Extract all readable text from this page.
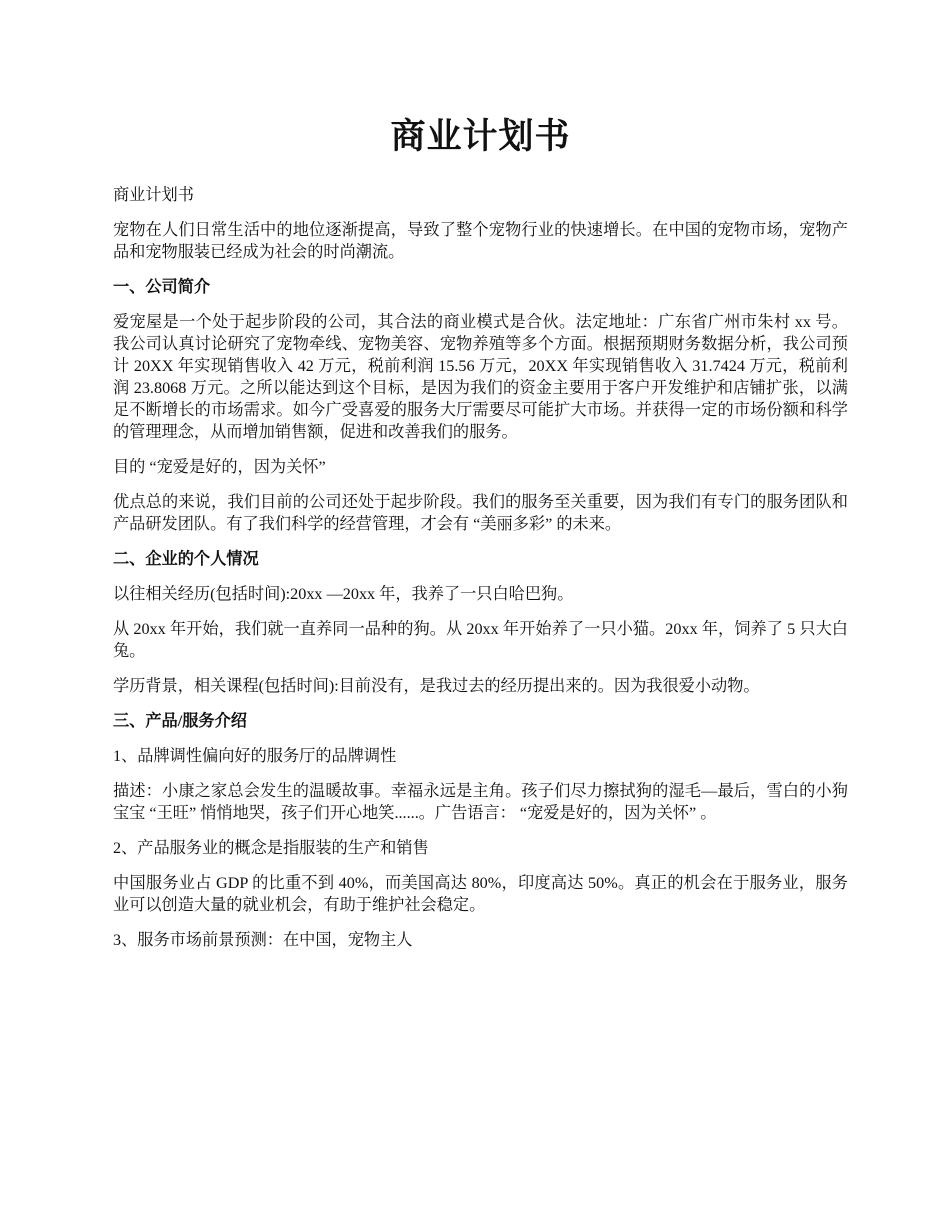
商业计划书

商业计划书

宠物在人们日常生活中的地位逐渐提高，导致了整个宠物行业的快速增长。在中国的宠物市场，宠物产品和宠物服装已经成为社会的时尚潮流。

一、公司简介

爱宠屋是一个处于起步阶段的公司，其合法的商业模式是合伙。法定地址：广东省广州市朱村 xx 号。我公司认真讨论研究了宠物牵线、宠物美容、宠物养殖等多个方面。根据预期财务数据分析，我公司预计 20XX 年实现销售收入 42 万元，税前利润 15.56 万元，20XX 年实现销售收入 31.7424 万元，税前利润 23.8068 万元。之所以能达到这个目标，是因为我们的资金主要用于客户开发维护和店铺扩张，以满足不断增长的市场需求。如今广受喜爱的服务大厅需要尽可能扩大市场。并获得一定的市场份额和科学的管理理念，从而增加销售额，促进和改善我们的服务。

目的 “宠爱是好的，因为关怀”

优点总的来说，我们目前的公司还处于起步阶段。我们的服务至关重要，因为我们有专门的服务团队和产品研发团队。有了我们科学的经营管理，才会有 “美丽多彩” 的未来。

二、企业的个人情况

以往相关经历(包括时间):20xx —20xx 年，我养了一只白哈巴狗。

从 20xx 年开始，我们就一直养同一品种的狗。从 20xx 年开始养了一只小猫。20xx 年，饲养了 5 只大白兔。

学历背景，相关课程(包括时间):目前没有，是我过去的经历提出来的。因为我很爱小动物。

三、产品/服务介绍

1、品牌调性偏向好的服务厅的品牌调性

描述：小康之家总会发生的温暖故事。幸福永远是主角。孩子们尽力擦拭狗的湿毛—最后，雪白的小狗宝宝 “王旺” 悄悄地哭，孩子们开心地笑......。广告语言： “宠爱是好的，因为关怀” 。

2、产品服务业的概念是指服装的生产和销售

中国服务业占 GDP 的比重不到 40%，而美国高达 80%，印度高达 50%。真正的机会在于服务业，服务业可以创造大量的就业机会，有助于维护社会稳定。

3、服务市场前景预测：在中国，宠物主人
